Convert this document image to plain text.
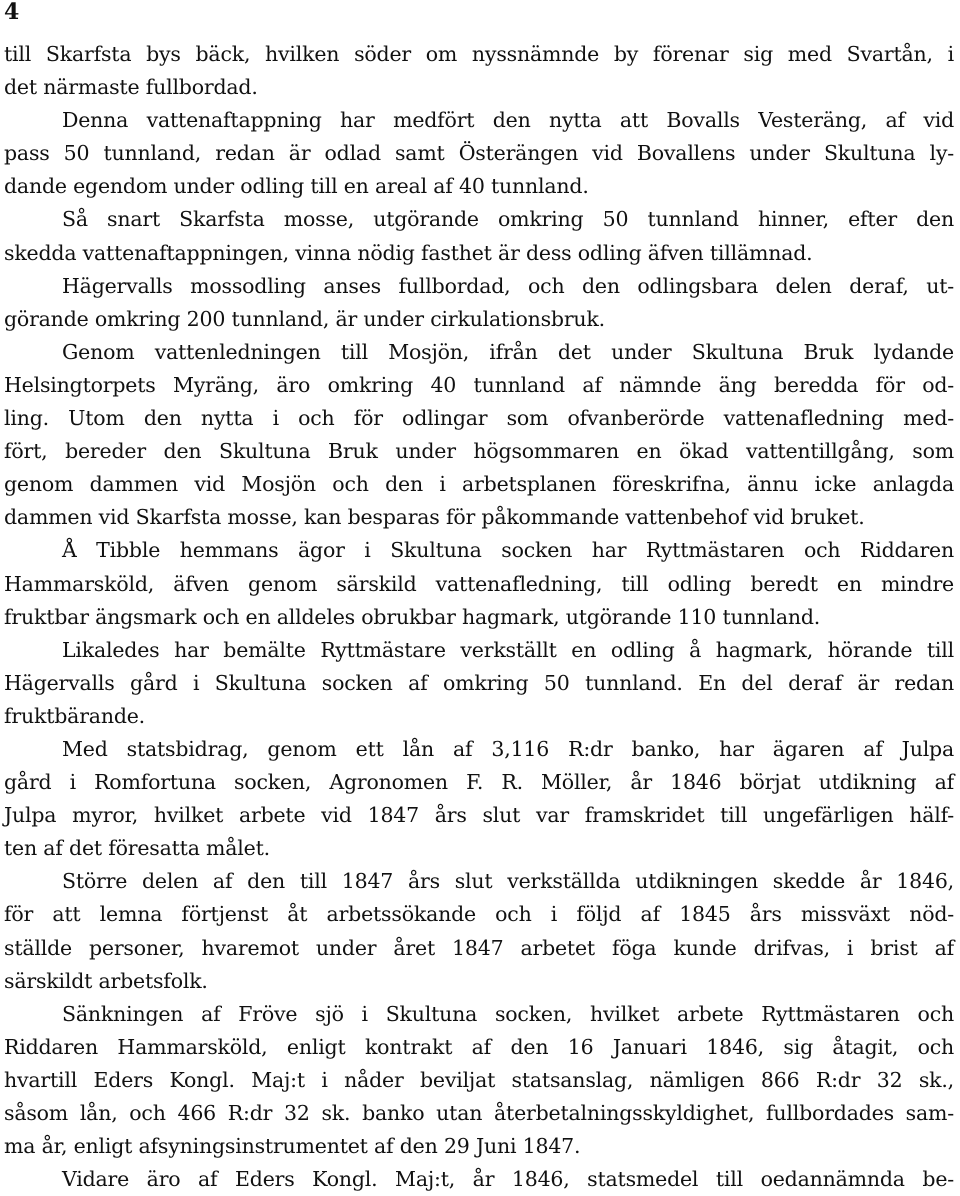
4
till Skarfsta bys bäck, hvilken söder om nyssnämnde by förenar sig med Svartån, i
det närmaste fullbordad.
Denna vattenaftappning har medfört den nytta att Bovalls Vesteräng, af vid
pass 50 tunnland, redan är odlad samt Österängen vid Bovallens under Skultuna ly-
dande egendom under odling till en areal af 40 tunnland.
Så snart Skarfsta mosse, utgörande omkring 50 tunnland hinner, efter den
skedda vattenaftappningen, vinna nödig fasthet är dess odling äfven tillämnad.
Hägervalls mossodling anses fullbordad, och den odlingsbara delen deraf, ut-
görande omkring 200 tunnland, är under cirkulationsbruk.
Genom vattenledningen till Mosjön, ifrån det under Skultuna Bruk lydande
Helsingtorpets Myräng, äro omkring 40 tunnland af nämnde äng beredda för od-
ling. Utom den nytta i och för odlingar som ofvanberörde vattenafledning med-
fört, bereder den Skultuna Bruk under högsommaren en ökad vattentillgång, som
genom dammen vid Mosjön och den i arbetsplanen föreskrifna, ännu icke anlagda
dammen vid Skarfsta mosse, kan besparas för påkommande vattenbehof vid bruket.
Å Tibble hemmans ägor i Skultuna socken har Ryttmästaren och Riddaren
Hammarsköld, äfven genom särskild vattenafledning, till odling beredt en mindre
fruktbar ängsmark och en alldeles obrukbar hagmark, utgörande 110 tunnland.
Likaledes har bemälte Ryttmästare verkställt en odling å hagmark, hörande till
Hägervalls gård i Skultuna socken af omkring 50 tunnland. En del deraf är redan
fruktbärande.
Med statsbidrag, genom ett lån af 3,116 R:dr banko, har ägaren af Julpa
gård i Romfortuna socken, Agronomen F. R. Möller, år 1846 börjat utdikning af
Julpa myror, hvilket arbete vid 1847 års slut var framskridet till ungefärligen hälf-
ten af det föresatta målet.
Större delen af den till 1847 års slut verkställda utdikningen skedde år 1846,
för att lemna förtjenst åt arbetssökande och i följd af 1845 års missväxt nöd-
ställde personer, hvaremot under året 1847 arbetet föga kunde drifvas, i brist af
särskildt arbetsfolk.
Sänkningen af Fröve sjö i Skultuna socken, hvilket arbete Ryttmästaren och
Riddaren Hammarsköld, enligt kontrakt af den 16 Januari 1846, sig åtagit, och
hvartill Eders Kongl. Maj:t i nåder beviljat statsanslag, nämligen 866 R:dr 32 sk.,
såsom lån, och 466 R:dr 32 sk. banko utan återbetalningsskyldighet, fullbordades sam-
ma år, enligt afsyningsinstrumentet af den 29 Juni 1847.
Vidare äro af Eders Kongl. Maj:t, år 1846, statsmedel till oedannämnda be-
